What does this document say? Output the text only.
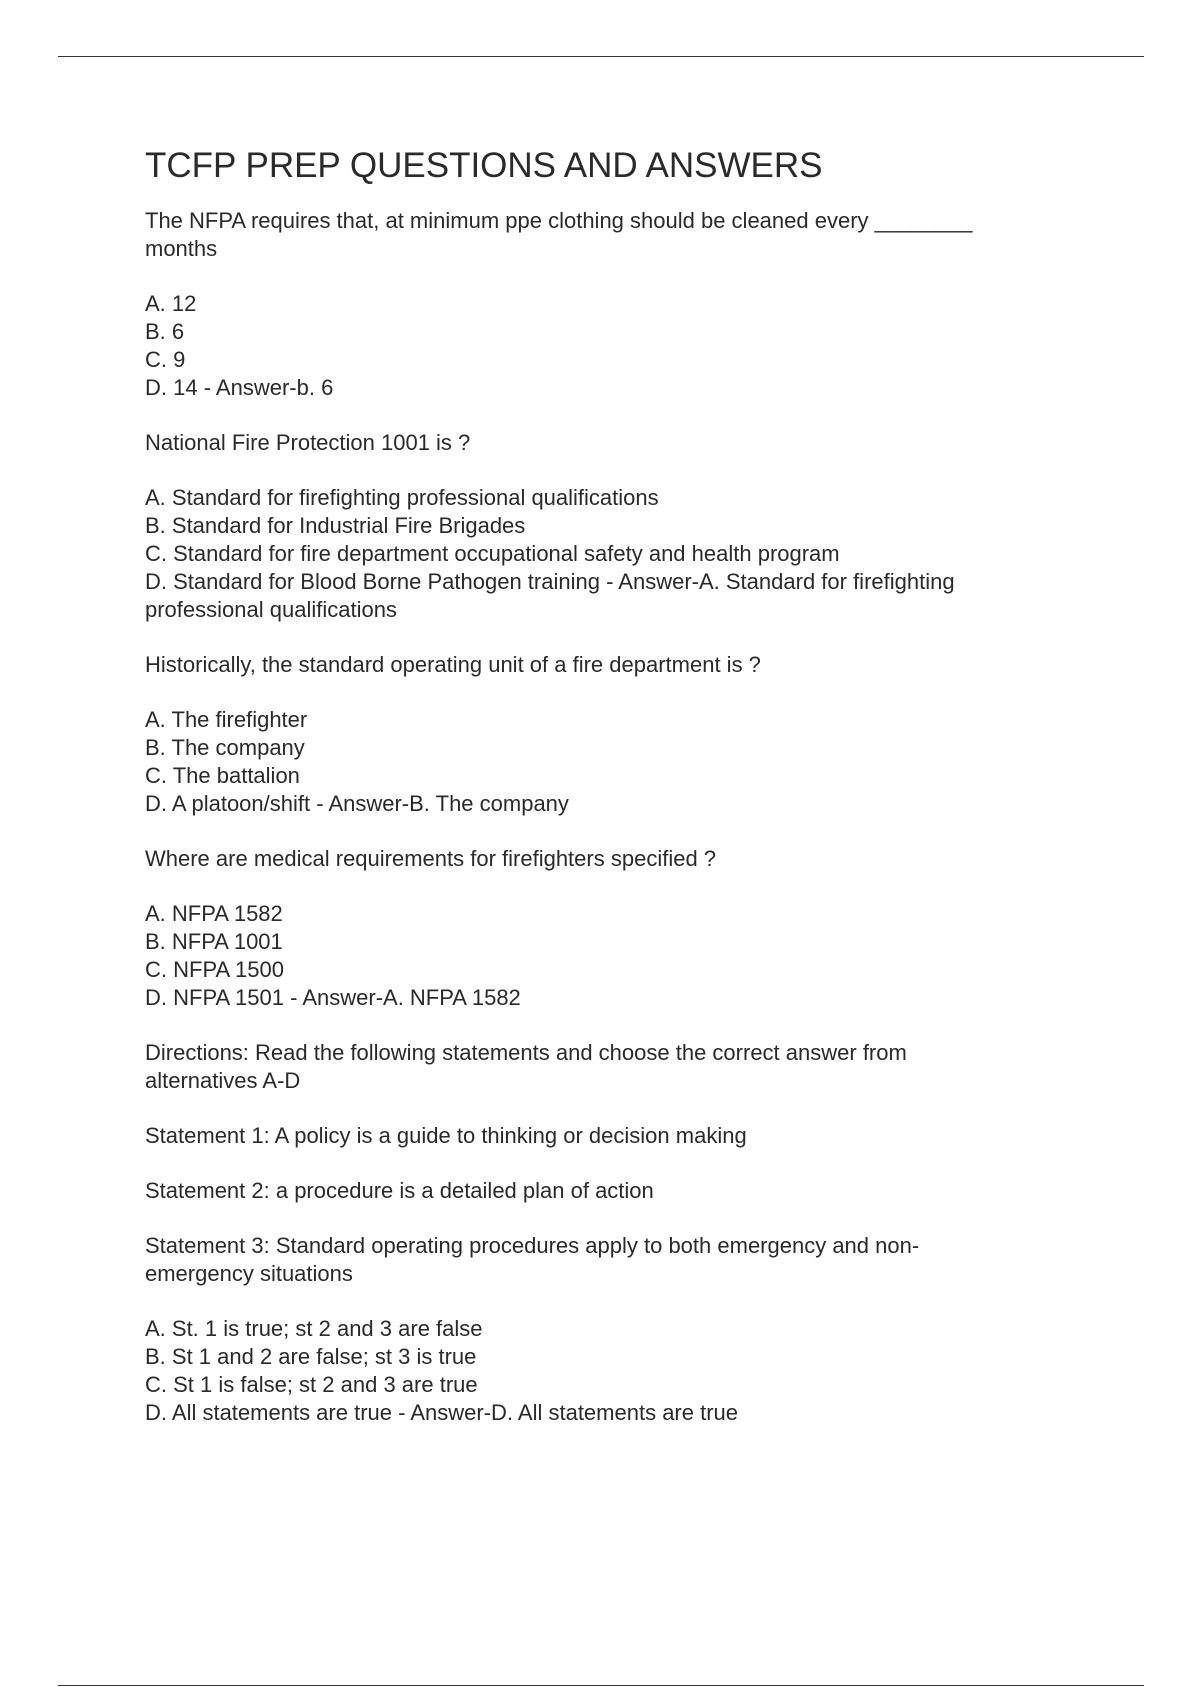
TCFP PREP QUESTIONS AND ANSWERS
The NFPA requires that, at minimum ppe clothing should be cleaned every ________
months
A. 12
B. 6
C. 9
D. 14 - Answer-b. 6
National Fire Protection 1001 is ?
A. Standard for firefighting professional qualifications
B. Standard for Industrial Fire Brigades
C. Standard for fire department occupational safety and health program
D. Standard for Blood Borne Pathogen training - Answer-A. Standard for firefighting
professional qualifications
Historically, the standard operating unit of a fire department is ?
A. The firefighter
B. The company
C. The battalion
D. A platoon/shift - Answer-B. The company
Where are medical requirements for firefighters specified ?
A. NFPA 1582
B. NFPA 1001
C. NFPA 1500
D. NFPA 1501 - Answer-A. NFPA 1582
Directions: Read the following statements and choose the correct answer from
alternatives A-D
Statement 1: A policy is a guide to thinking or decision making
Statement 2: a procedure is a detailed plan of action
Statement 3: Standard operating procedures apply to both emergency and non-
emergency situations
A. St. 1 is true; st 2 and 3 are false
B. St 1 and 2 are false; st 3 is true
C. St 1 is false; st 2 and 3 are true
D. All statements are true - Answer-D. All statements are true
